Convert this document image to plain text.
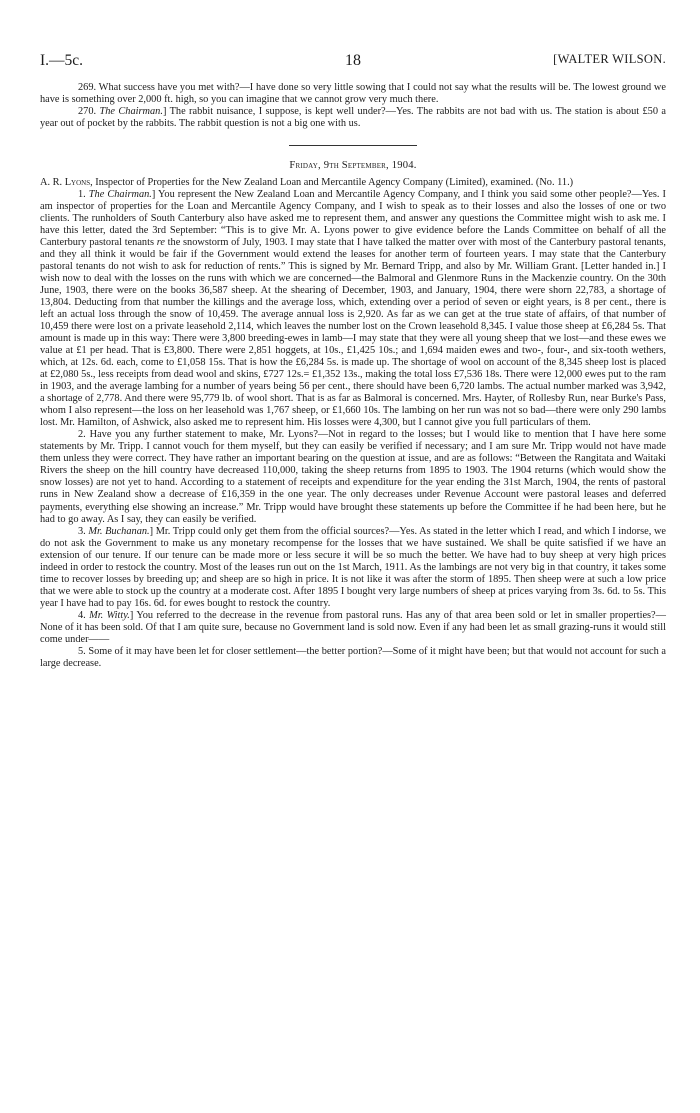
I.—5c.	18	[WALTER WILSON.

269. What success have you met with?—I have done so very little sowing that I could not say what the results will be. The lowest ground we have is something over 2,000 ft. high, so you can imagine that we cannot grow very much there.

270. The Chairman.] The rabbit nuisance, I suppose, is kept well under?—Yes. The rabbits are not bad with us. The station is about £50 a year out of pocket by the rabbits. The rabbit question is not a big one with us.

Friday, 9th September, 1904.

A. R. Lyons, Inspector of Properties for the New Zealand Loan and Mercantile Agency Company (Limited), examined. (No. 11.)

1. The Chairman.] You represent the New Zealand Loan and Mercantile Agency Company, and I think you said some other people?—Yes. I am inspector of properties for the Loan and Mercantile Agency Company, and I wish to speak as to their losses and also the losses of one or two clients. The runholders of South Canterbury also have asked me to represent them, and answer any questions the Committee might wish to ask me. I have this letter, dated the 3rd September: “This is to give Mr. A. Lyons power to give evidence before the Lands Committee on behalf of all the Canterbury pastoral tenants re the snowstorm of July, 1903. I may state that I have talked the matter over with most of the Canterbury pastoral tenants, and they all think it would be fair if the Government would extend the leases for another term of fourteen years. I may state that the Canterbury pastoral tenants do not wish to ask for reduction of rents.” This is signed by Mr. Bernard Tripp, and also by Mr. William Grant. [Letter handed in.] I wish now to deal with the losses on the runs with which we are concerned—the Balmoral and Glenmore Runs in the Mackenzie country. On the 30th June, 1903, there were on the books 36,587 sheep. At the shearing of December, 1903, and January, 1904, there were shorn 22,783, a shortage of 13,804. Deducting from that number the killings and the average loss, which, extending over a period of seven or eight years, is 8 per cent., there is left an actual loss through the snow of 10,459. The average annual loss is 2,920. As far as we can get at the true state of affairs, of that number of 10,459 there were lost on a private leasehold 2,114, which leaves the number lost on the Crown leasehold 8,345. I value those sheep at £6,284 5s. That amount is made up in this way: There were 3,800 breeding-ewes in lamb—I may state that they were all young sheep that we lost—and these ewes we value at £1 per head. That is £3,800. There were 2,851 hoggets, at 10s., £1,425 10s.; and 1,694 maiden ewes and two-, four-, and six-tooth wethers, which, at 12s. 6d. each, come to £1,058 15s. That is how the £6,284 5s. is made up. The shortage of wool on account of the 8,345 sheep lost is placed at £2,080 5s., less receipts from dead wool and skins, £727 12s.= £1,352 13s., making the total loss £7,536 18s. There were 12,000 ewes put to the ram in 1903, and the average lambing for a number of years being 56 per cent., there should have been 6,720 lambs. The actual number marked was 3,942, a shortage of 2,778. And there were 95,779 lb. of wool short. That is as far as Balmoral is concerned. Mrs. Hayter, of Rollesby Run, near Burke's Pass, whom I also represent—the loss on her leasehold was 1,767 sheep, or £1,660 10s. The lambing on her run was not so bad—there were only 290 lambs lost. Mr. Hamilton, of Ashwick, also asked me to represent him. His losses were 4,300, but I cannot give you full particulars of them.

2. Have you any further statement to make, Mr. Lyons?—Not in regard to the losses; but I would like to mention that I have here some statements by Mr. Tripp. I cannot vouch for them myself, but they can easily be verified if necessary; and I am sure Mr. Tripp would not have made them unless they were correct. They have rather an important bearing on the question at issue, and are as follows: “Between the Rangitata and Waitaki Rivers the sheep on the hill country have decreased 110,000, taking the sheep returns from 1895 to 1903. The 1904 returns (which would show the snow losses) are not yet to hand. According to a statement of receipts and expenditure for the year ending the 31st March, 1904, the rents of pastoral runs in New Zealand show a decrease of £16,359 in the one year. The only decreases under Revenue Account were pastoral leases and deferred payments, everything else showing an increase.” Mr. Tripp would have brought these statements up before the Committee if he had been here, but he had to go away. As I say, they can easily be verified.

3. Mr. Buchanan.] Mr. Tripp could only get them from the official sources?—Yes. As stated in the letter which I read, and which I indorse, we do not ask the Government to make us any monetary recompense for the losses that we have sustained. We shall be quite satisfied if we have an extension of our tenure. If our tenure can be made more or less secure it will be so much the better. We have had to buy sheep at very high prices indeed in order to restock the country. Most of the leases run out on the 1st March, 1911. As the lambings are not very big in that country, it takes some time to recover losses by breeding up; and sheep are so high in price. It is not like it was after the storm of 1895. Then sheep were at such a low price that we were able to stock up the country at a moderate cost. After 1895 I bought very large numbers of sheep at prices varying from 3s. 6d. to 5s. This year I have had to pay 16s. 6d. for ewes bought to restock the country.

4. Mr. Witty.] You referred to the decrease in the revenue from pastoral runs. Has any of that area been sold or let in smaller properties?—None of it has been sold. Of that I am quite sure, because no Government land is sold now. Even if any had been let as small grazing-runs it would still come under——

5. Some of it may have been let for closer settlement—the better portion?—Some of it might have been; but that would not account for such a large decrease.
